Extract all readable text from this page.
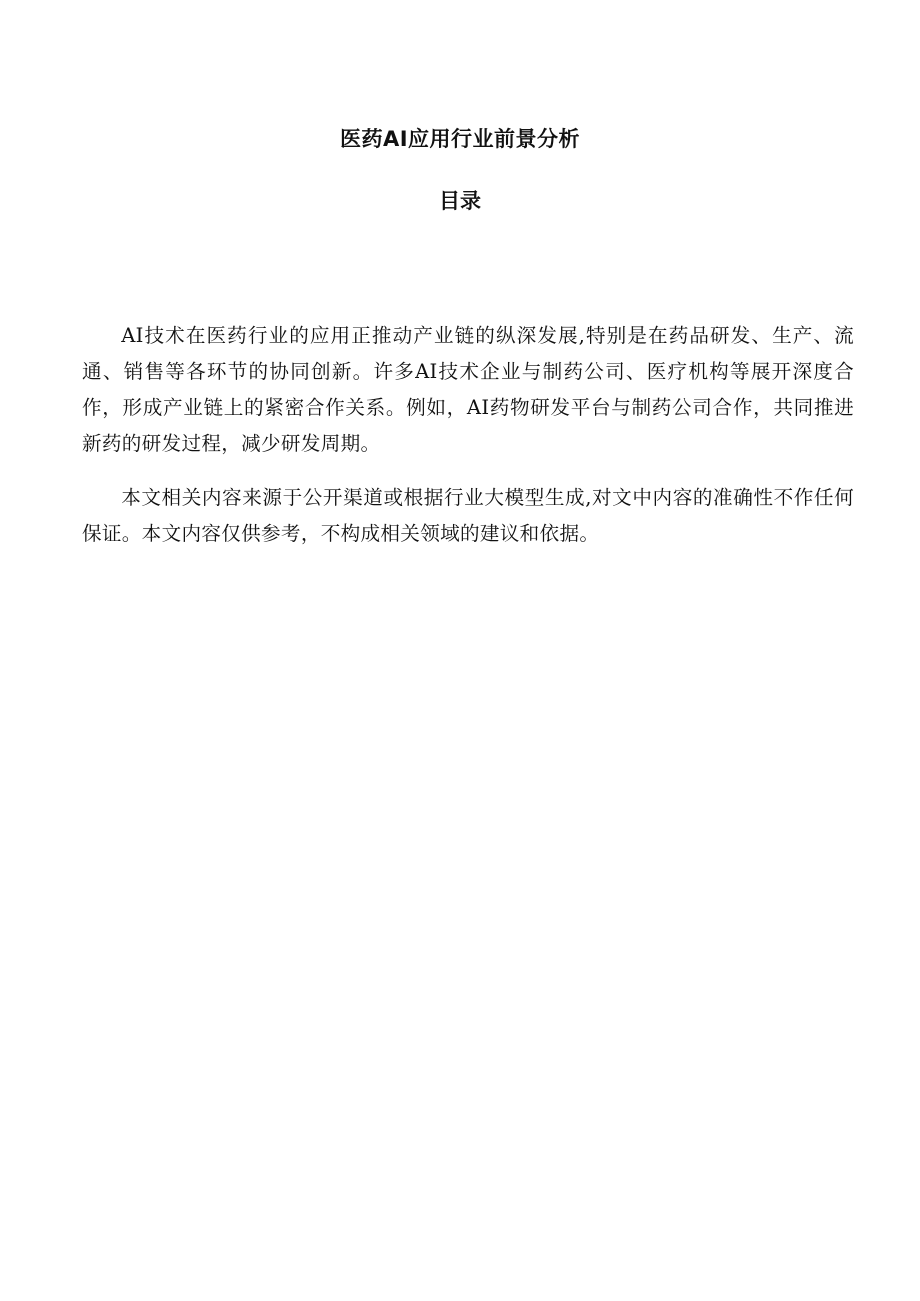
医药AI应用行业前景分析
目录

AI技术在医药行业的应用正推动产业链的纵深发展,特别是在药品研发、生产、流通、销售等各环节的协同创新。许多AI技术企业与制药公司、医疗机构等展开深度合作，形成产业链上的紧密合作关系。例如，AI药物研发平台与制药公司合作，共同推进新药的研发过程，减少研发周期。

本文相关内容来源于公开渠道或根据行业大模型生成,对文中内容的准确性不作任何保证。本文内容仅供参考，不构成相关领域的建议和依据。
